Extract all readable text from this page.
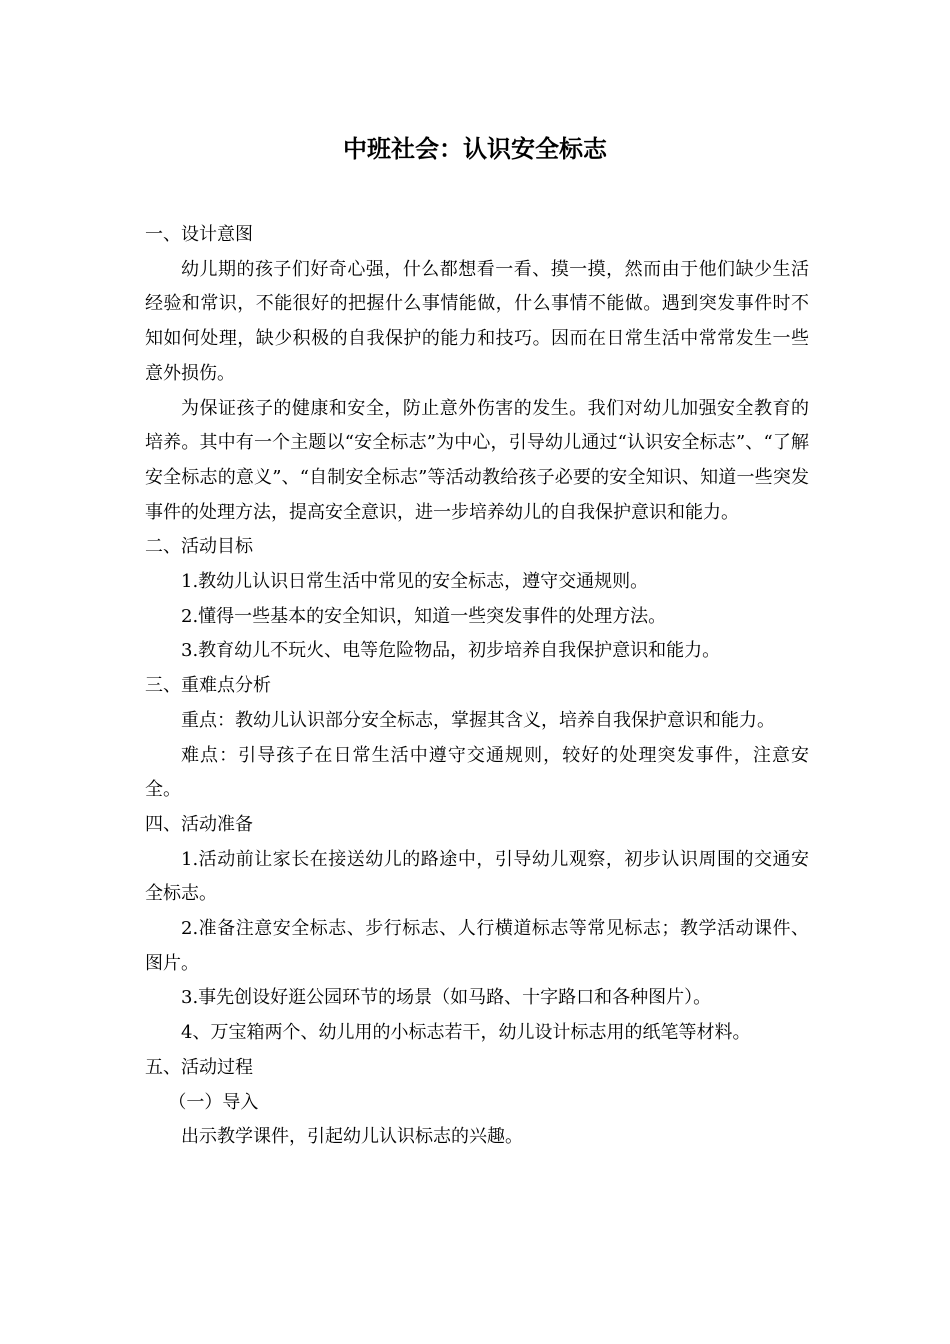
中班社会：认识安全标志

一、设计意图

幼儿期的孩子们好奇心强，什么都想看一看、摸一摸，然而由于他们缺少生活经验和常识，不能很好的把握什么事情能做，什么事情不能做。遇到突发事件时不知如何处理，缺少积极的自我保护的能力和技巧。因而在日常生活中常常发生一些意外损伤。

为保证孩子的健康和安全，防止意外伤害的发生。我们对幼儿加强安全教育的培养。其中有一个主题以“安全标志”为中心，引导幼儿通过“认识安全标志”、“了解安全标志的意义”、“自制安全标志”等活动教给孩子必要的安全知识、知道一些突发事件的处理方法，提高安全意识，进一步培养幼儿的自我保护意识和能力。

二、活动目标

1.教幼儿认识日常生活中常见的安全标志，遵守交通规则。

2.懂得一些基本的安全知识，知道一些突发事件的处理方法。

3.教育幼儿不玩火、电等危险物品，初步培养自我保护意识和能力。

三、重难点分析

重点：教幼儿认识部分安全标志，掌握其含义，培养自我保护意识和能力。

难点：引导孩子在日常生活中遵守交通规则，较好的处理突发事件，注意安全。

四、活动准备

1.活动前让家长在接送幼儿的路途中，引导幼儿观察，初步认识周围的交通安全标志。

2.准备注意安全标志、步行标志、人行横道标志等常见标志；教学活动课件、图片。

3.事先创设好逛公园环节的场景（如马路、十字路口和各种图片）。

4、万宝箱两个、幼儿用的小标志若干，幼儿设计标志用的纸笔等材料。

五、活动过程

（一）导入

出示教学课件，引起幼儿认识标志的兴趣。
